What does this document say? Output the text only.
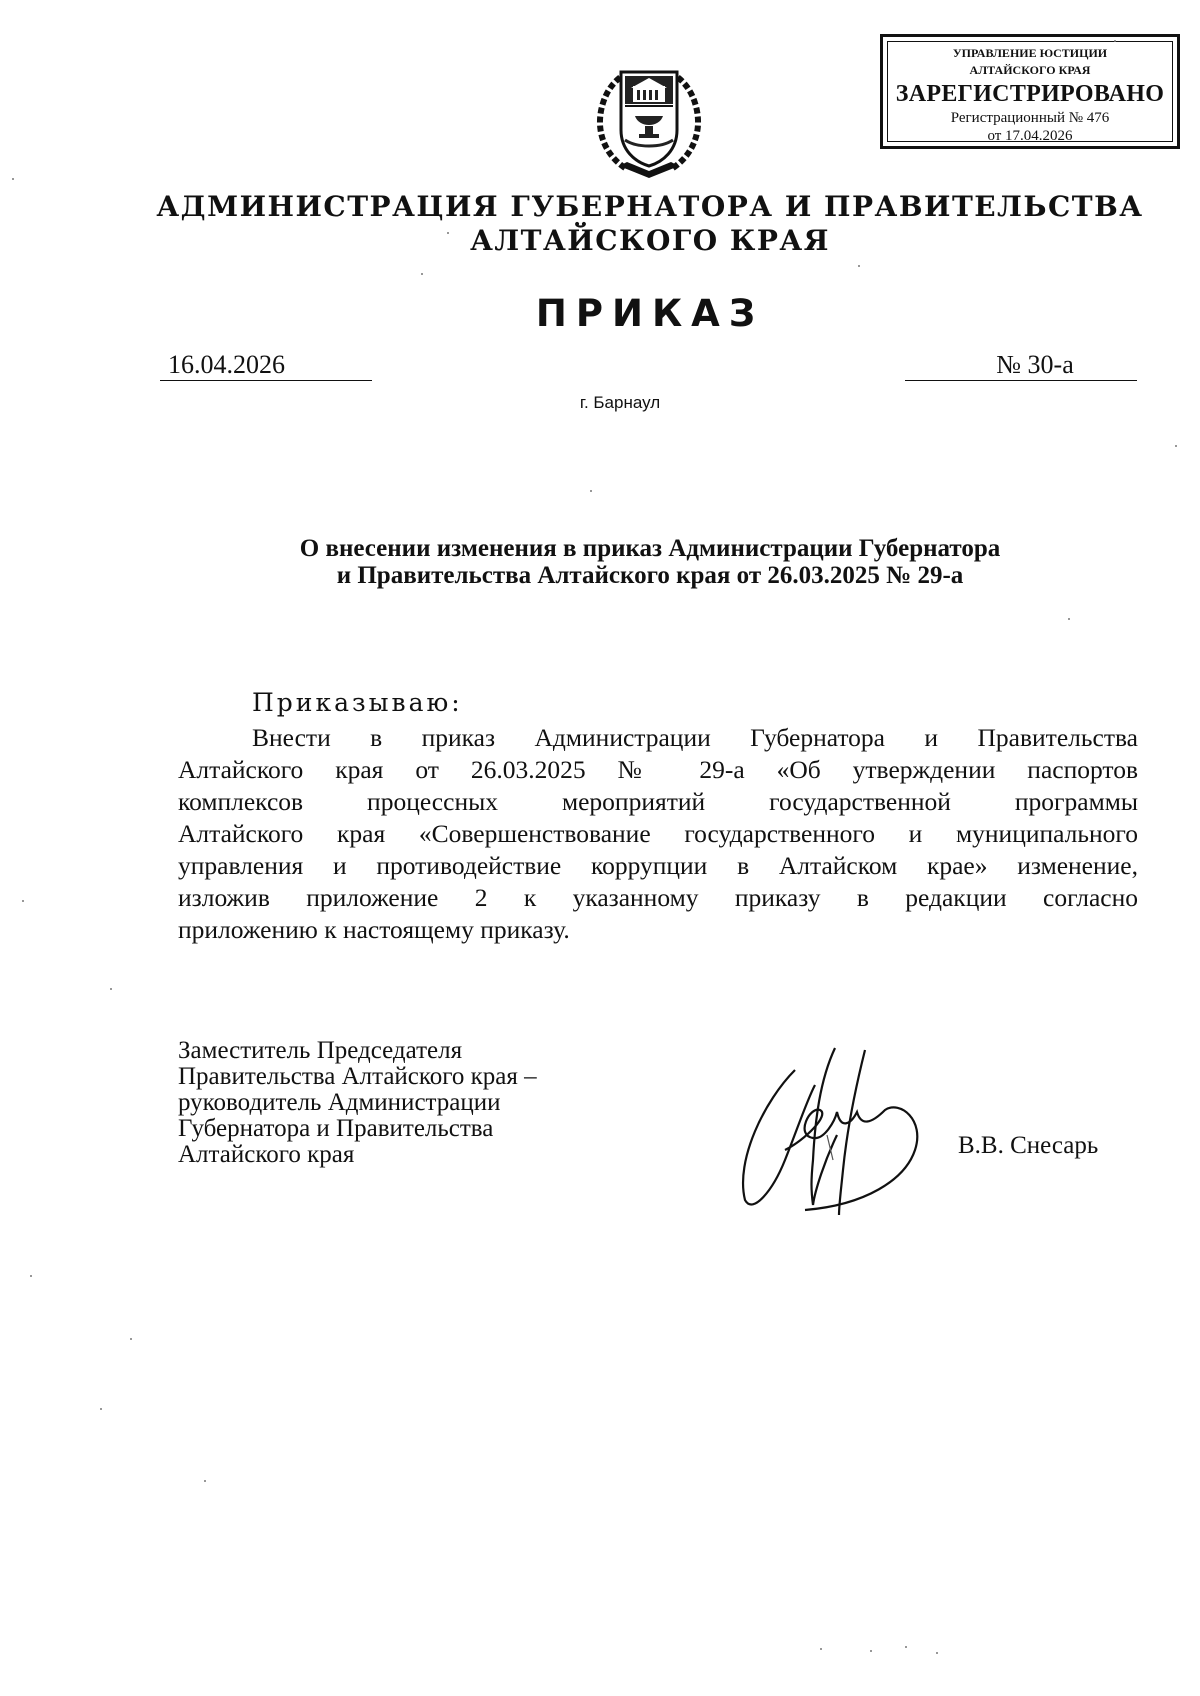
УПРАВЛЕНИЕ ЮСТИЦИИ
АЛТАЙСКОГО КРАЯ
ЗАРЕГИСТРИРОВАНО
Регистрационный № 476
от 17.04.2026
АДМИНИСТРАЦИЯ ГУБЕРНАТОРА И ПРАВИТЕЛЬСТВА
АЛТАЙСКОГО КРАЯ
ПРИКАЗ
16.04.2026	№ 30-а
г. Барнаул
О внесении изменения в приказ Администрации Губернатора
и Правительства Алтайского края от 26.03.2025 № 29-а
Приказываю:
Внести в приказ Администрации Губернатора и Правительства
Алтайского края от 26.03.2025 № 29-а «Об утверждении паспортов
комплексов процессных мероприятий государственной программы
Алтайского края «Совершенствование государственного и муниципального
управления и противодействие коррупции в Алтайском крае» изменение,
изложив приложение 2 к указанному приказу в редакции согласно
приложению к настоящему приказу.
Заместитель Председателя
Правительства Алтайского края –
руководитель Администрации
Губернатора и Правительства
Алтайского края	В.В. Снесарь
